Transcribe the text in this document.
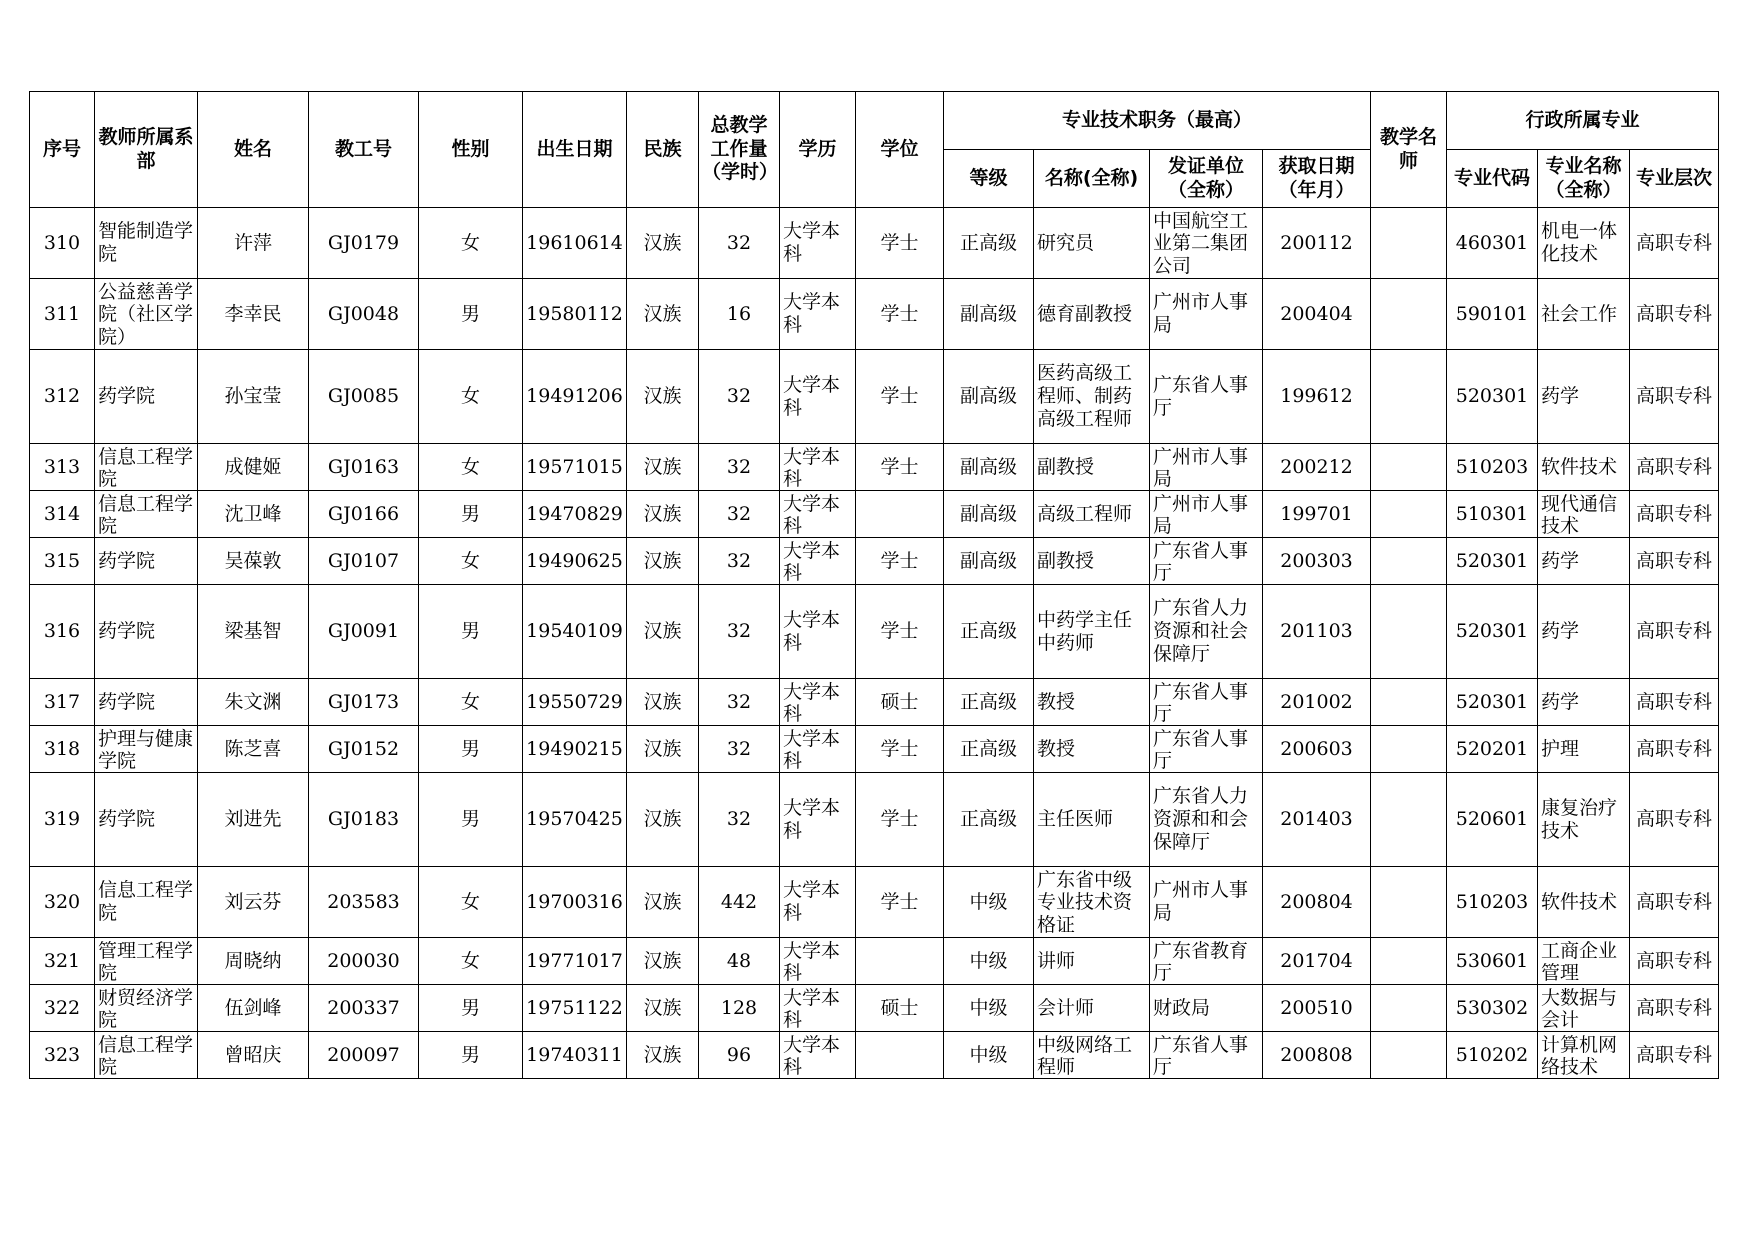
序号	教师所属系部	姓名	教工号	性别	出生日期	民族	总教学工作量（学时）	学历	学位	专业技术职务（最高）				教学名师	行政所属专业		
										等级	名称(全称)	发证单位（全称）	获取日期（年月）		专业代码	专业名称（全称）	专业层次

310	智能制造学院	许萍	GJ0179	女	19610614	汉族	32	大学本科	学士	正高级	研究员	中国航空工业第二集团公司	200112		460301	机电一体化技术	高职专科

311	公益慈善学院（社区学院）	李幸民	GJ0048	男	19580112	汉族	16	大学本科	学士	副高级	德育副教授	广州市人事局	200404		590101	社会工作	高职专科

312	药学院	孙宝莹	GJ0085	女	19491206	汉族	32	大学本科	学士	副高级	医药高级工程师、制药高级工程师	广东省人事厅	199612		520301	药学	高职专科

313	信息工程学院	成健姬	GJ0163	女	19571015	汉族	32	大学本科	学士	副高级	副教授	广州市人事局	200212		510203	软件技术	高职专科

314	信息工程学院	沈卫峰	GJ0166	男	19470829	汉族	32	大学本科		副高级	高级工程师	广州市人事局	199701		510301	现代通信技术	高职专科

315	药学院	吴葆敦	GJ0107	女	19490625	汉族	32	大学本科	学士	副高级	副教授	广东省人事厅	200303		520301	药学	高职专科

316	药学院	梁基智	GJ0091	男	19540109	汉族	32	大学本科	学士	正高级	中药学主任中药师	广东省人力资源和社会保障厅	201103		520301	药学	高职专科

317	药学院	朱文渊	GJ0173	女	19550729	汉族	32	大学本科	硕士	正高级	教授	广东省人事厅	201002		520301	药学	高职专科

318	护理与健康学院	陈芝喜	GJ0152	男	19490215	汉族	32	大学本科	学士	正高级	教授	广东省人事厅	200603		520201	护理	高职专科

319	药学院	刘进先	GJ0183	男	19570425	汉族	32	大学本科	学士	正高级	主任医师	广东省人力资源和和会保障厅	201403		520601	康复治疗技术	高职专科

320	信息工程学院	刘云芬	203583	女	19700316	汉族	442	大学本科	学士	中级	广东省中级专业技术资格证	广州市人事局	200804		510203	软件技术	高职专科

321	管理工程学院	周晓纳	200030	女	19771017	汉族	48	大学本科		中级	讲师	广东省教育厅	201704		530601	工商企业管理	高职专科

322	财贸经济学院	伍剑峰	200337	男	19751122	汉族	128	大学本科	硕士	中级	会计师	财政局	200510		530302	大数据与会计	高职专科

323	信息工程学院	曾昭庆	200097	男	19740311	汉族	96	大学本科		中级	中级网络工程师	广东省人事厅	200808		510202	计算机网络技术	高职专科
